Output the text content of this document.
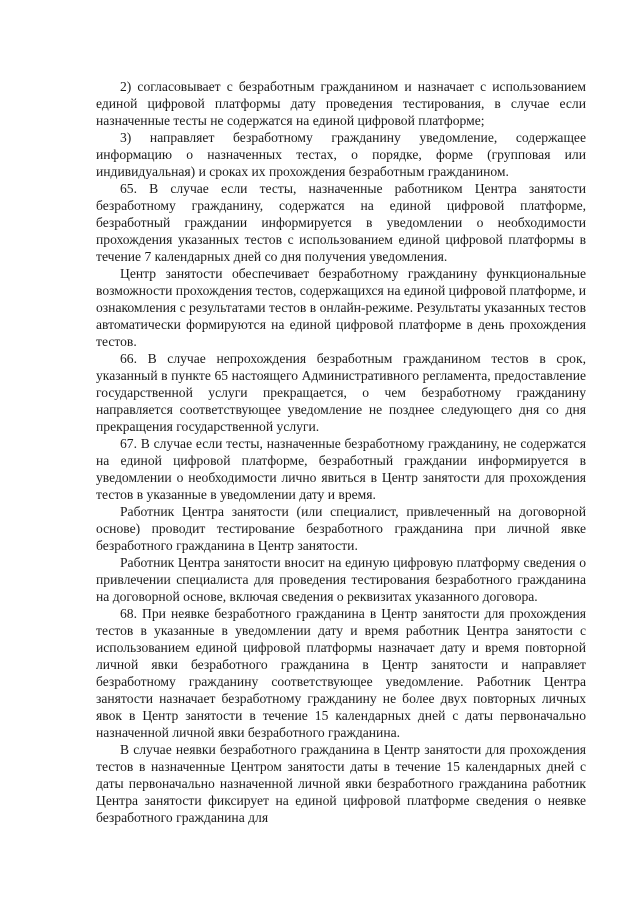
2) согласовывает с безработным гражданином и назначает с использованием единой цифровой платформы дату проведения тестирования, в случае если назначенные тесты не содержатся на единой цифровой платформе;

3) направляет безработному гражданину уведомление, содержащее информацию о назначенных тестах, о порядке, форме (групповая или индивидуальная) и сроках их прохождения безработным гражданином.

65. В случае если тесты, назначенные работником Центра занятости безработному гражданину, содержатся на единой цифровой платформе, безработный граждании информируется в уведомлении о необходимости прохождения указанных тестов с использованием единой цифровой платформы в течение 7 календарных дней со дня получения уведомления.

Центр занятости обеспечивает безработному гражданину функциональные возможности прохождения тестов, содержащихся на единой цифровой платформе, и ознакомления с результатами тестов в онлайн-режиме. Результаты указанных тестов автоматически формируются на единой цифровой платформе в день прохождения тестов.

66. В случае непрохождения безработным гражданином тестов в срок, указанный в пункте 65 настоящего Административного регламента, предоставление государственной услуги прекращается, о чем безработному гражданину направляется соответствующее уведомление не позднее следующего дня со дня прекращения государственной услуги.

67. В случае если тесты, назначенные безработному гражданину, не содержатся на единой цифровой платформе, безработный граждании информируется в уведомлении о необходимости лично явиться в Центр занятости для прохождения тестов в указанные в уведомлении дату и время.

Работник Центра занятости (или специалист, привлеченный на договорной основе) проводит тестирование безработного гражданина при личной явке безработного гражданина в Центр занятости.

Работник Центра занятости вносит на единую цифровую платформу сведения о привлечении специалиста для проведения тестирования безработного гражданина на договорной основе, включая сведения о реквизитах указанного договора.

68. При неявке безработного гражданина в Центр занятости для прохождения тестов в указанные в уведомлении дату и время работник Центра занятости с использованием единой цифровой платформы назначает дату и время повторной личной явки безработного гражданина в Центр занятости и направляет безработному гражданину соответствующее уведомление. Работник Центра занятости назначает безработному гражданину не более двух повторных личных явок в Центр занятости в течение 15 календарных дней с даты первоначально назначенной личной явки безработного гражданина.

В случае неявки безработного гражданина в Центр занятости для прохождения тестов в назначенные Центром занятости даты в течение 15 календарных дней с даты первоначально назначенной личной явки безработного гражданина работник Центра занятости фиксирует на единой цифровой платформе сведения о неявке безработного гражданина для
